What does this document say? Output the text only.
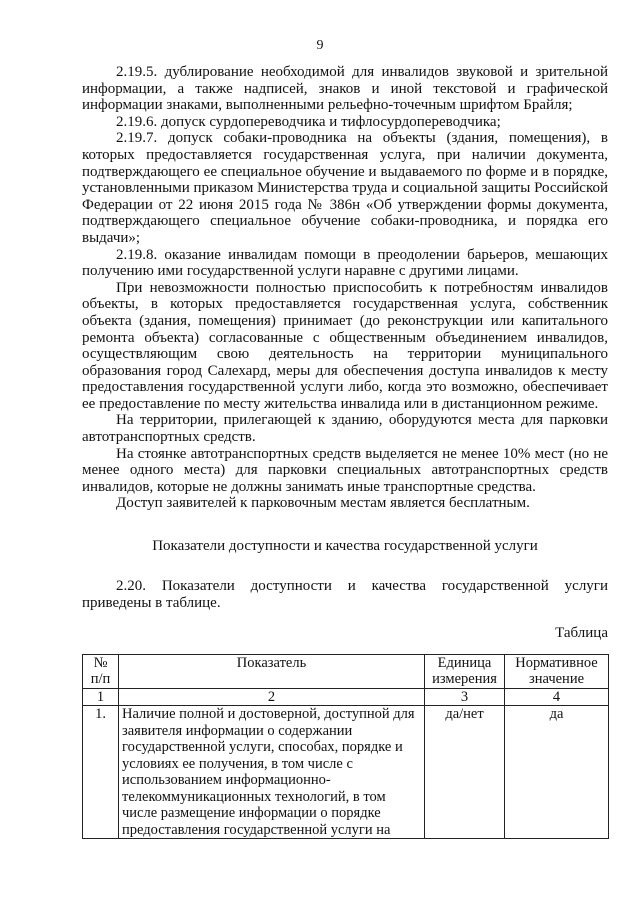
9

2.19.5. дублирование необходимой для инвалидов звуковой и зрительной информации, а также надписей, знаков и иной текстовой и графической информации знаками, выполненными рельефно-точечным шрифтом Брайля;

2.19.6. допуск сурдопереводчика и тифлосурдопереводчика;

2.19.7. допуск собаки-проводника на объекты (здания, помещения), в которых предоставляется государственная услуга, при наличии документа, подтверждающего ее специальное обучение и выдаваемого по форме и в порядке, установленными приказом Министерства труда и социальной защиты Российской Федерации от 22 июня 2015 года № 386н «Об утверждении формы документа, подтверждающего специальное обучение собаки-проводника, и порядка его выдачи»;

2.19.8. оказание инвалидам помощи в преодолении барьеров, мешающих получению ими государственной услуги наравне с другими лицами.

При невозможности полностью приспособить к потребностям инвалидов объекты, в которых предоставляется государственная услуга, собственник объекта (здания, помещения) принимает (до реконструкции или капитального ремонта объекта) согласованные с общественным объединением инвалидов, осуществляющим свою деятельность на территории муниципального образования город Салехард, меры для обеспечения доступа инвалидов к месту предоставления государственной услуги либо, когда это возможно, обеспечивает ее предоставление по месту жительства инвалида или в дистанционном режиме.

На территории, прилегающей к зданию, оборудуются места для парковки автотранспортных средств.

На стоянке автотранспортных средств выделяется не менее 10% мест (но не менее одного места) для парковки специальных автотранспортных средств инвалидов, которые не должны занимать иные транспортные средства.

Доступ заявителей к парковочным местам является бесплатным.

Показатели доступности и качества государственной услуги

2.20. Показатели доступности и качества государственной услуги приведены в таблице.

Таблица

№ п/п	Показатель	Единица измерения	Нормативное значение
1	2	3	4
1.	Наличие полной и достоверной, доступной для заявителя информации о содержании государственной услуги, способах, порядке и условиях ее получения, в том числе с использованием информационно-телекоммуникационных технологий, в том числе размещение информации о порядке предоставления государственной услуги на	да/нет	да
